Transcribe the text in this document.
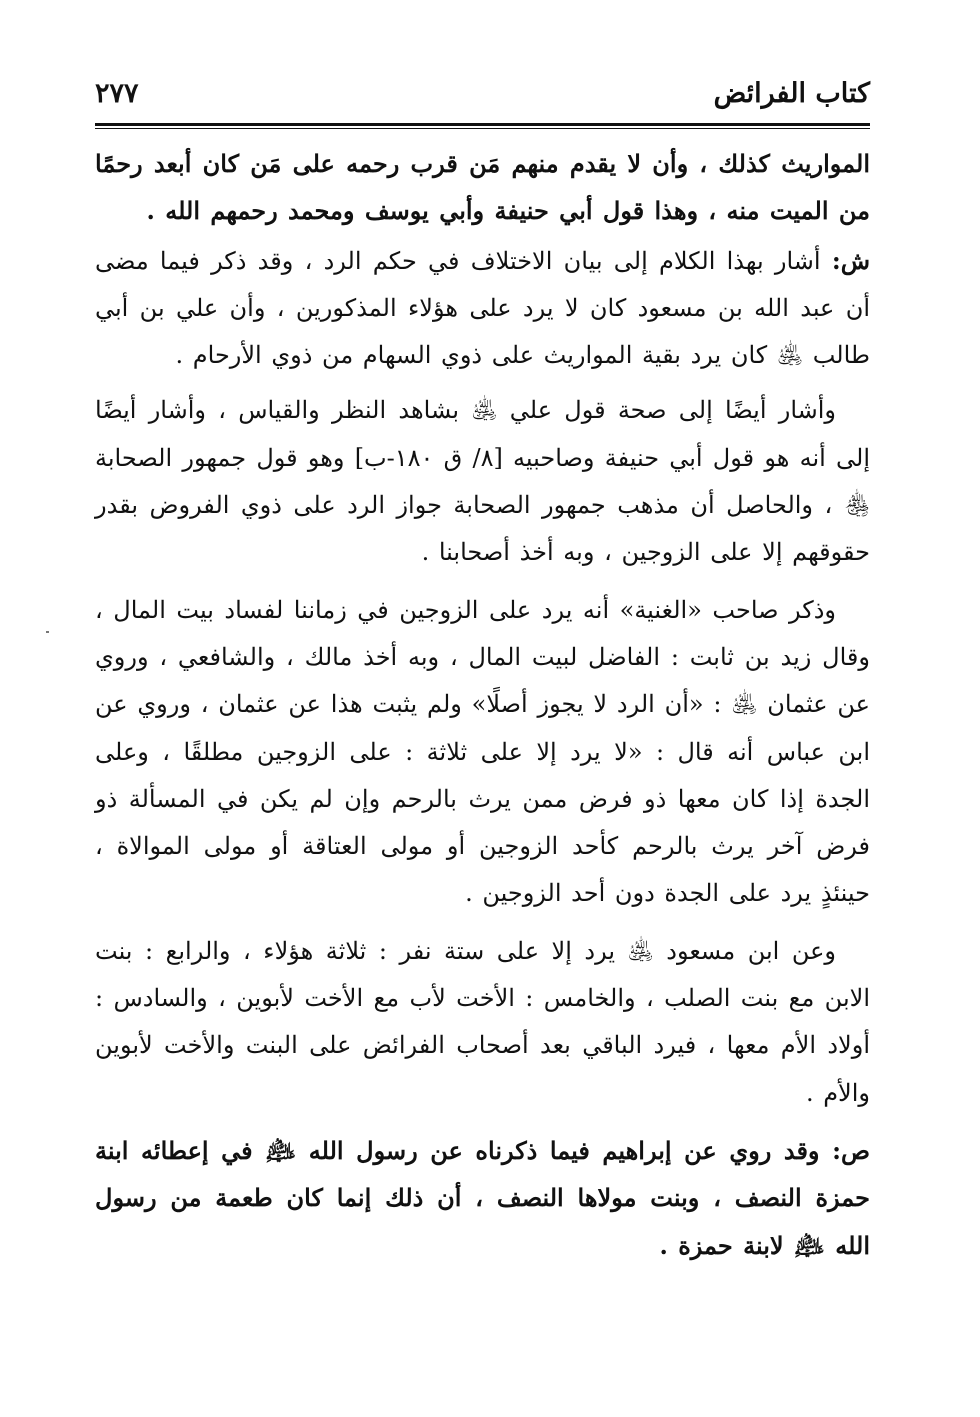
كتاب الفرائض
٢٧٧

المواريث كذلك ، وأن لا يقدم منهم مَن قرب رحمه على مَن كان أبعد رحمًا من الميت منه ، وهذا قول أبي حنيفة وأبي يوسف ومحمد رحمهم الله .

ش: أشار بهذا الكلام إلى بيان الاختلاف في حكم الرد ، وقد ذكر فيما مضى أن عبد الله بن مسعود كان لا يرد على هؤلاء المذكورين ، وأن علي بن أبي طالب ﵁ كان يرد بقية المواريث على ذوي السهام من ذوي الأرحام .

وأشار أيضًا إلى صحة قول علي ﵁ بشاهد النظر والقياس ، وأشار أيضًا إلى أنه هو قول أبي حنيفة وصاحبيه [٨/ ق ١٨٠-ب] وهو قول جمهور الصحابة ﵃ ، والحاصل أن مذهب جمهور الصحابة جواز الرد على ذوي الفروض بقدر حقوقهم إلا على الزوجين ، وبه أخذ أصحابنا .

وذكر صاحب «الغنية» أنه يرد على الزوجين في زماننا لفساد بيت المال ، وقال زيد بن ثابت : الفاضل لبيت المال ، وبه أخذ مالك ، والشافعي ، وروي عن عثمان ﵁ : «أن الرد لا يجوز أصلًا» ولم يثبت هذا عن عثمان ، وروي عن ابن عباس أنه قال : «لا يرد إلا على ثلاثة : على الزوجين مطلقًا ، وعلى الجدة إذا كان معها ذو فرض ممن يرث بالرحم وإن لم يكن في المسألة ذو فرض آخر يرث بالرحم كأحد الزوجين أو مولى العتاقة أو مولى الموالاة ، حينئذٍ يرد على الجدة دون أحد الزوجين .

وعن ابن مسعود ﵁ يرد إلا على ستة نفر : ثلاثة هؤلاء ، والرابع : بنت الابن مع بنت الصلب ، والخامس : الأخت لأب مع الأخت لأبوين ، والسادس : أولاد الأم معها ، فيرد الباقي بعد أصحاب الفرائض على البنت والأخت لأبوين والأم .

ص: وقد روي عن إبراهيم فيما ذكرناه عن رسول الله ﵇ في إعطائه ابنة حمزة النصف ، وبنت مولاها النصف ، أن ذلك إنما كان طعمة من رسول الله ﵇ لابنة حمزة .
